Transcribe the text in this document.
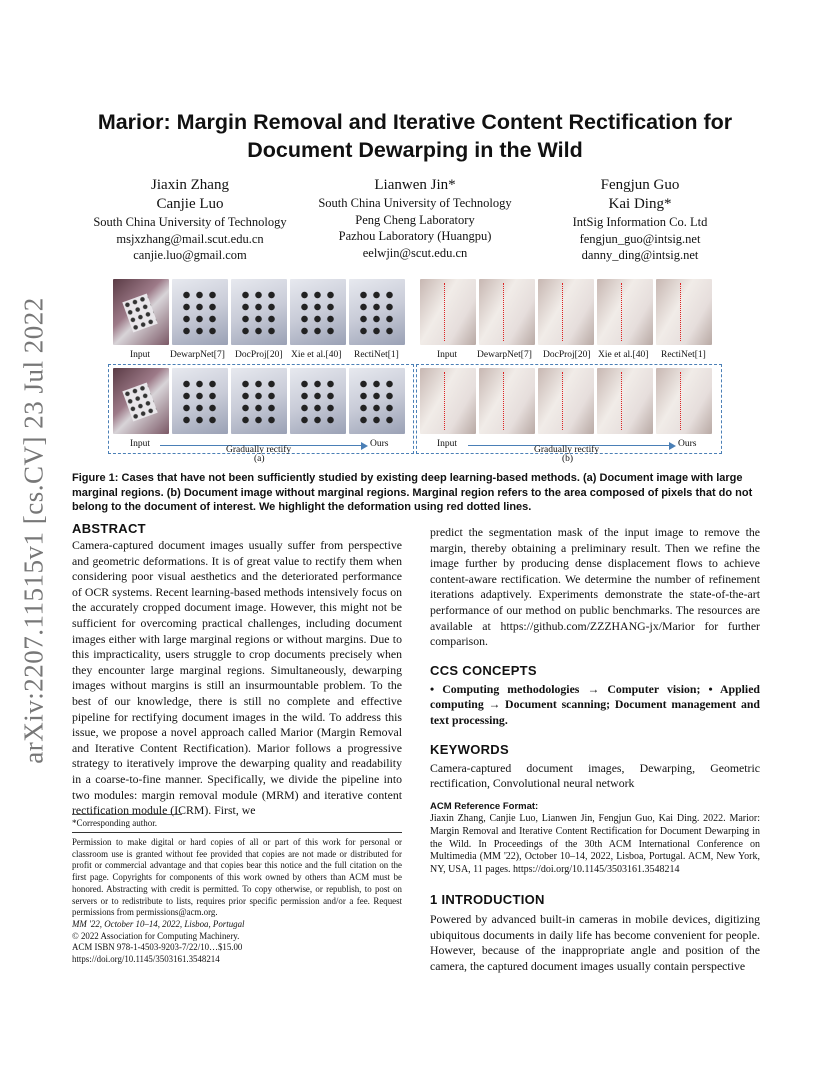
arXiv:2207.11515v1 [cs.CV] 23 Jul 2022
Marior: Margin Removal and Iterative Content Rectification for Document Dewarping in the Wild
Jiaxin Zhang
Canjie Luo
South China University of Technology
msjxzhang@mail.scut.edu.cn
canjie.luo@gmail.com
Lianwen Jin*
South China University of Technology
Peng Cheng Laboratory
Pazhou Laboratory (Huangpu)
eelwjin@scut.edu.cn
Fengjun Guo
Kai Ding*
IntSig Information Co. Ltd
fengjun_guo@intsig.net
danny_ding@intsig.net
Input DewarpNet[7] DocProj[20] Xie et al.[40] RectiNet[1]
Input
Gradually rectify
Ours
(a)
Input DewarpNet[7] DocProj[20] Xie et al.[40] RectiNet[1]
Input
Gradually rectify
Ours
(b)
Figure 1: Cases that have not been sufficiently studied by existing deep learning-based methods. (a) Document image with large marginal regions. (b) Document image without marginal regions. Marginal region refers to the area composed of pixels that do not belong to the document of interest. We highlight the deformation using red dotted lines.
ABSTRACT

Camera-captured document images usually suffer from perspective and geometric deformations. It is of great value to rectify them when considering poor visual aesthetics and the deteriorated performance of OCR systems. Recent learning-based methods intensively focus on the accurately cropped document image. However, this might not be sufficient for overcoming practical challenges, including document images either with large marginal regions or without margins. Due to this impracticality, users struggle to crop documents precisely when they encounter large marginal regions. Simultaneously, dewarping images without margins is still an insurmountable problem. To the best of our knowledge, there is still no complete and effective pipeline for rectifying document images in the wild. To address this issue, we propose a novel approach called Marior (Margin Removal and Iterative Content Rectification). Marior follows a progressive strategy to iteratively improve the dewarping quality and readability in a coarse-to-fine manner. Specifically, we divide the pipeline into two modules: margin removal module (MRM) and iterative content rectification module (ICRM). First, we

*Corresponding author.

Permission to make digital or hard copies of all or part of this work for personal or classroom use is granted without fee provided that copies are not made or distributed for profit or commercial advantage and that copies bear this notice and the full citation on the first page. Copyrights for components of this work owned by others than ACM must be honored. Abstracting with credit is permitted. To copy otherwise, or republish, to post on servers or to redistribute to lists, requires prior specific permission and/or a fee. Request permissions from permissions@acm.org.

MM '22, October 10–14, 2022, Lisboa, Portugal

© 2022 Association for Computing Machinery.

ACM ISBN 978-1-4503-9203-7/22/10…$15.00

https://doi.org/10.1145/3503161.3548214

predict the segmentation mask of the input image to remove the margin, thereby obtaining a preliminary result. Then we refine the image further by producing dense displacement flows to achieve content-aware rectification. We determine the number of refinement iterations adaptively. Experiments demonstrate the state-of-the-art performance of our method on public benchmarks. The resources are available at https://github.com/ZZZHANG-jx/Marior for further comparison.

CCS CONCEPTS

• Computing methodologies → Computer vision; • Applied computing → Document scanning; Document management and text processing.

KEYWORDS

Camera-captured document images, Dewarping, Geometric rectification, Convolutional neural network

ACM Reference Format:

Jiaxin Zhang, Canjie Luo, Lianwen Jin, Fengjun Guo, Kai Ding. 2022. Marior: Margin Removal and Iterative Content Rectification for Document Dewarping in the Wild. In Proceedings of the 30th ACM International Conference on Multimedia (MM '22), October 10–14, 2022, Lisboa, Portugal. ACM, New York, NY, USA, 11 pages. https://doi.org/10.1145/3503161.3548214

1 INTRODUCTION

Powered by advanced built-in cameras in mobile devices, digitizing ubiquitous documents in daily life has become convenient for people. However, because of the inappropriate angle and position of the camera, the captured document images usually contain perspective
